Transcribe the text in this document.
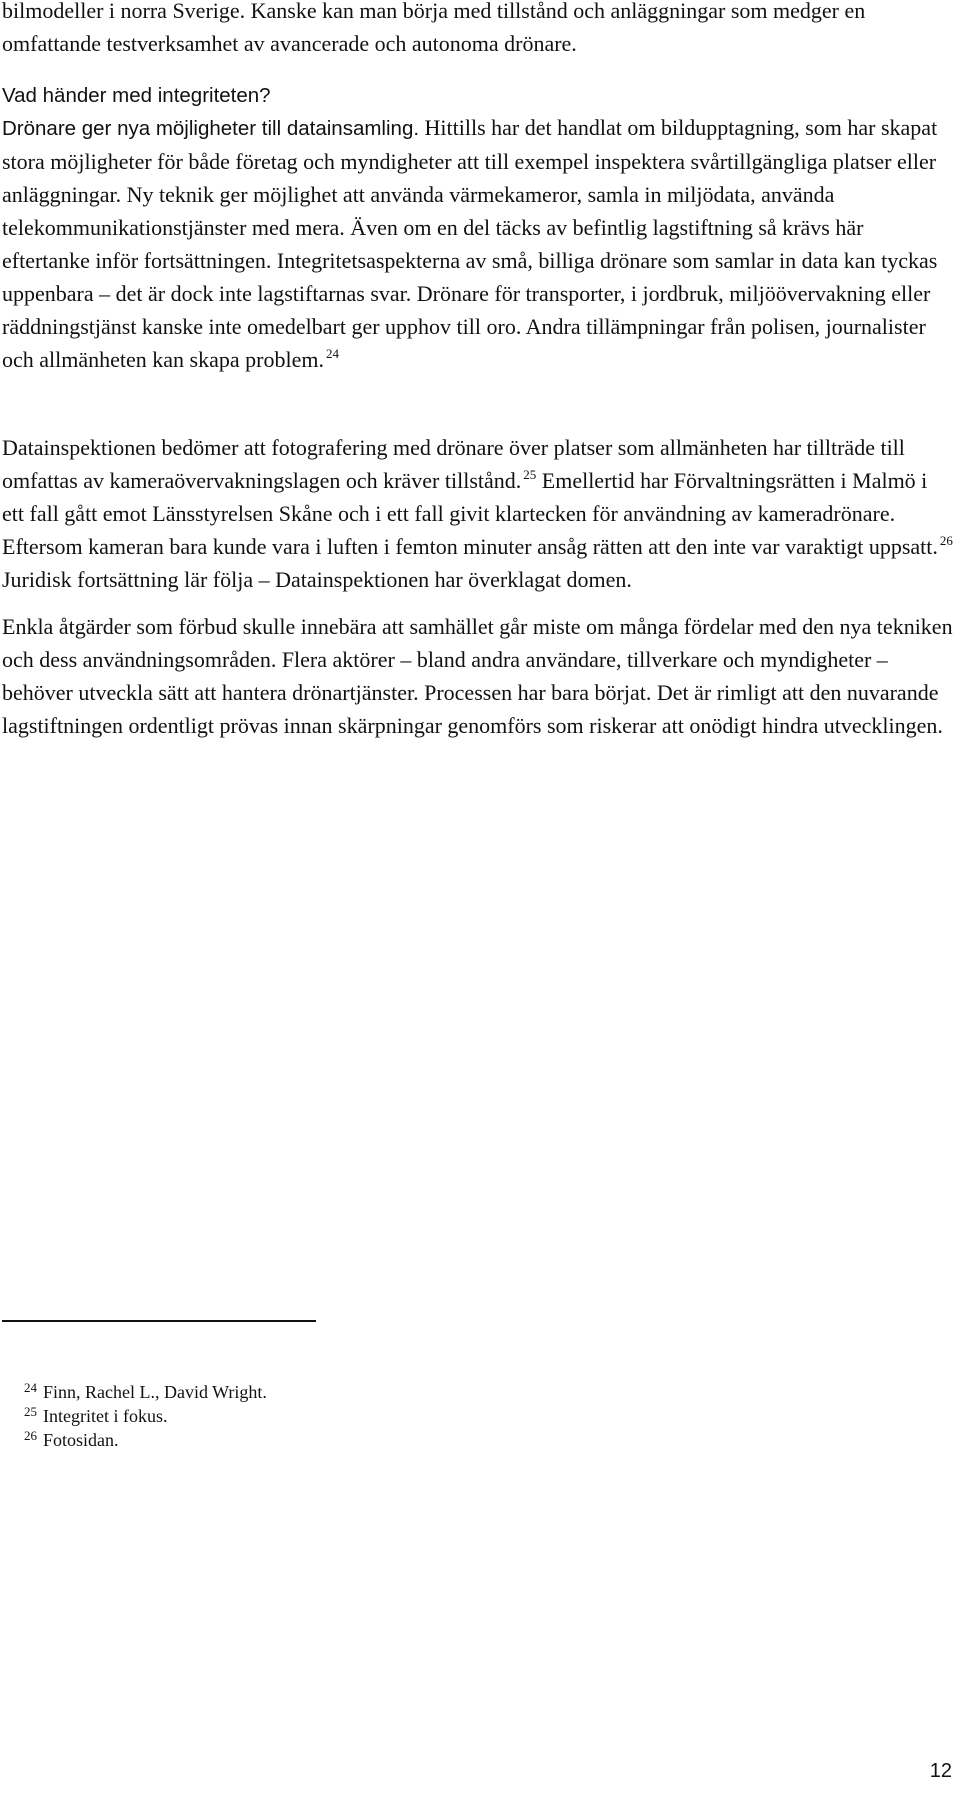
bilmodeller i norra Sverige. Kanske kan man börja med tillstånd och anläggningar som medger en omfattande testverksamhet av avancerade och autonoma drönare.

Vad händer med integriteten?

Drönare ger nya möjligheter till datainsamling. Hittills har det handlat om bildupptagning, som har skapat stora möjligheter för både företag och myndigheter att till exempel inspektera svårtillgängliga platser eller anläggningar. Ny teknik ger möjlighet att använda värmekameror, samla in miljödata, använda telekommunikationstjänster med mera. Även om en del täcks av befintlig lagstiftning så krävs här eftertanke inför fortsättningen. Integritetsaspekterna av små, billiga drönare som samlar in data kan tyckas uppenbara – det är dock inte lagstiftarnas svar. Drönare för transporter, i jordbruk, miljöövervakning eller räddningstjänst kanske inte omedelbart ger upphov till oro. Andra tillämpningar från polisen, journalister och allmänheten kan skapa problem. $^{24}$

Datainspektionen bedömer att fotografering med drönare över platser som allmänheten har tillträde till omfattas av kameraövervakningslagen och kräver tillstånd. $^{25}$ Emellertid har Förvaltningsrätten i Malmö i ett fall gått emot Länsstyrelsen Skåne och i ett fall givit klartecken för användning av kameradrönare. Eftersom kameran bara kunde vara i luften i femton minuter ansåg rätten att den inte var varaktigt uppsatt. $^{26}$ Juridisk fortsättning lär följa – Datainspektionen har överklagat domen.

Enkla åtgärder som förbud skulle innebära att samhället går miste om många fördelar med den nya tekniken och dess användningsområden. Flera aktörer – bland andra användare, tillverkare och myndigheter – behöver utveckla sätt att hantera drönartjänster. Processen har bara börjat. Det är rimligt att den nuvarande lagstiftningen ordentligt prövas innan skärpningar genomförs som riskerar att onödigt hindra utvecklingen.

$^{24}$ Finn, Rachel L., David Wright.
$^{25}$ Integritet i fokus.
$^{26}$ Fotosidan.
12
